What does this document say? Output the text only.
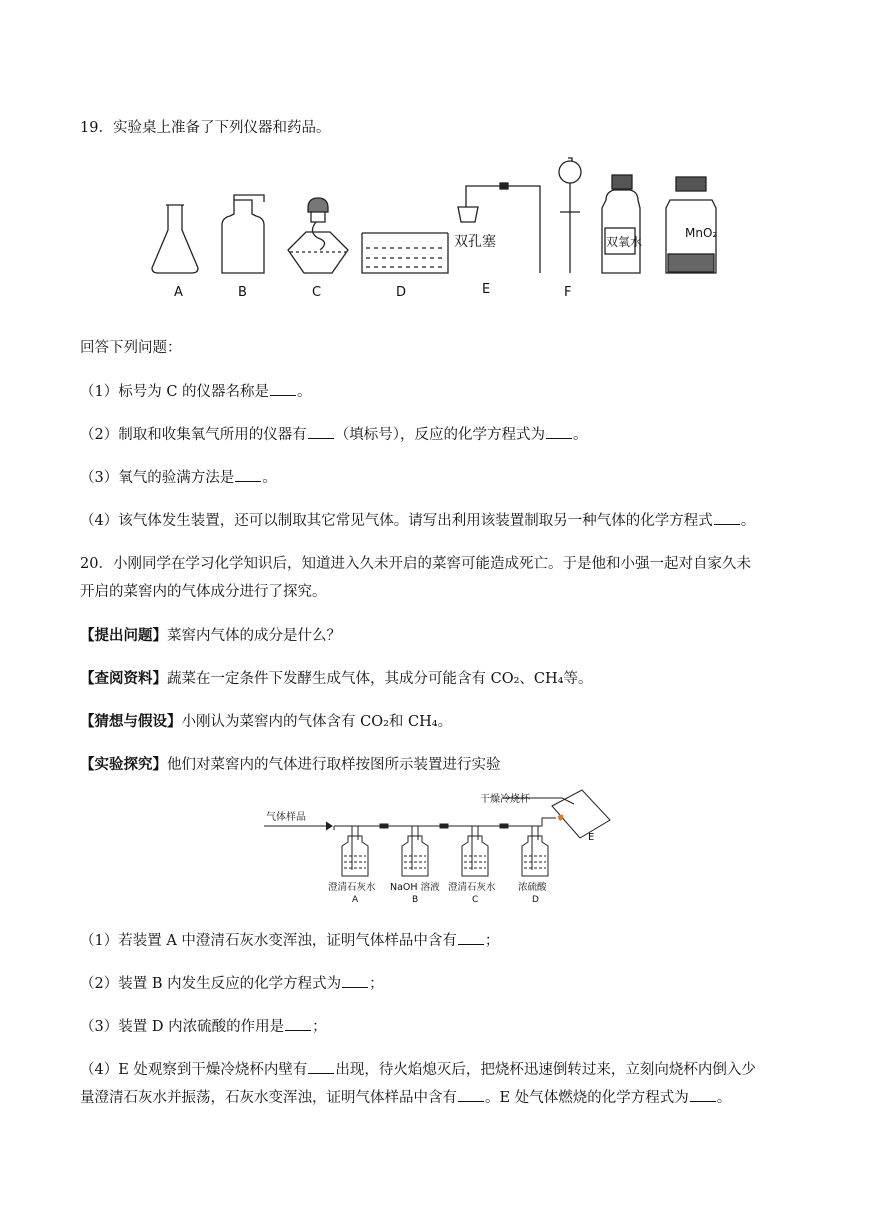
19．实验桌上准备了下列仪器和药品。
MnO₂
双氧水
双孔塞
A	B	C	D	E	F
回答下列问题：
（1）标号为 C 的仪器名称是 。
（2）制取和收集氧气所用的仪器有 （填标号），反应的化学方程式为 。
（3）氧气的验满方法是 。
（4）该气体发生装置，还可以制取其它常见气体。请写出利用该装置制取另一种气体的化学方程式 。
20．小刚同学在学习化学知识后，知道进入久未开启的菜窖可能造成死亡。于是他和小强一起对自家久未
开启的菜窖内的气体成分进行了探究。
【提出问题】菜窖内气体的成分是什么？
【查阅资料】蔬菜在一定条件下发酵生成气体，其成分可能含有 CO₂、CH₄等。
【猜想与假设】小刚认为菜窖内的气体含有 CO₂和 CH₄。
【实验探究】他们对菜窖内的气体进行取样按图所示装置进行实验
气体样品
干燥冷烧杯
E
澄清石灰水 NaOH 溶液 澄清石灰水 浓硫酸
A	B	C	D
（1）若装置 A 中澄清石灰水变浑浊，证明气体样品中含有 ；
（2）装置 B 内发生反应的化学方程式为 ；
（3）装置 D 内浓硫酸的作用是 ；
（4）E 处观察到干燥冷烧杯内壁有 出现，待火焰熄灭后，把烧杯迅速倒转过来，立刻向烧杯内倒入少
量澄清石灰水并振荡，石灰水变浑浊，证明气体样品中含有 。E 处气体燃烧的化学方程式为 。
